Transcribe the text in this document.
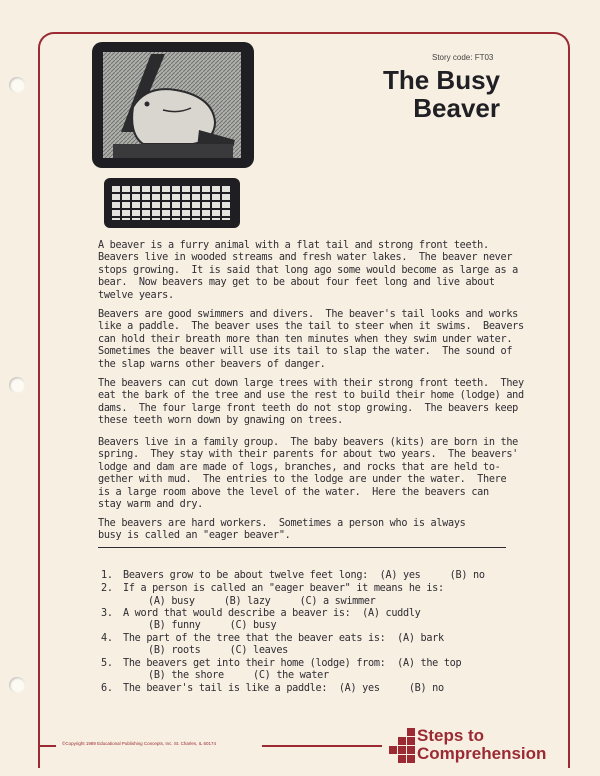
Story code: FT03
The Busy
Beaver
A beaver is a furry animal with a flat tail and strong front teeth.
Beavers live in wooded streams and fresh water lakes.  The beaver never
stops growing.  It is said that long ago some would become as large as a
bear.  Now beavers may get to be about four feet long and live about
twelve years.
Beavers are good swimmers and divers.  The beaver's tail looks and works
like a paddle.  The beaver uses the tail to steer when it swims.  Beavers
can hold their breath more than ten minutes when they swim under water.
Sometimes the beaver will use its tail to slap the water.  The sound of
the slap warns other beavers of danger.
The beavers can cut down large trees with their strong front teeth.  They
eat the bark of the tree and use the rest to build their home (lodge) and
dams.  The four large front teeth do not stop growing.  The beavers keep
these teeth worn down by gnawing on trees.
Beavers live in a family group.  The baby beavers (kits) are born in the
spring.  They stay with their parents for about two years.  The beavers'
lodge and dam are made of logs, branches, and rocks that are held to-
gether with mud.  The entries to the lodge are under the water.  There
is a large room above the level of the water.  Here the beavers can
stay warm and dry.
The beavers are hard workers.  Sometimes a person who is always
busy is called an "eager beaver".
1. Beavers grow to be about twelve feet long:  (A) yes     (B) no
2. If a person is called an "eager beaver" it means he is:
(A) busy     (B) lazy     (C) a swimmer
3. A word that would describe a beaver is:  (A) cuddly
(B) funny     (C) busy
4. The part of the tree that the beaver eats is:  (A) bark
(B) roots     (C) leaves
5. The beavers get into their home (lodge) from:  (A) the top
(B) the shore     (C) the water
6. The beaver's tail is like a paddle:  (A) yes     (B) no
©Copyright 1989 Educational Publishing Concepts, Inc. St. Charles, IL 60174	Steps to
Comprehension
